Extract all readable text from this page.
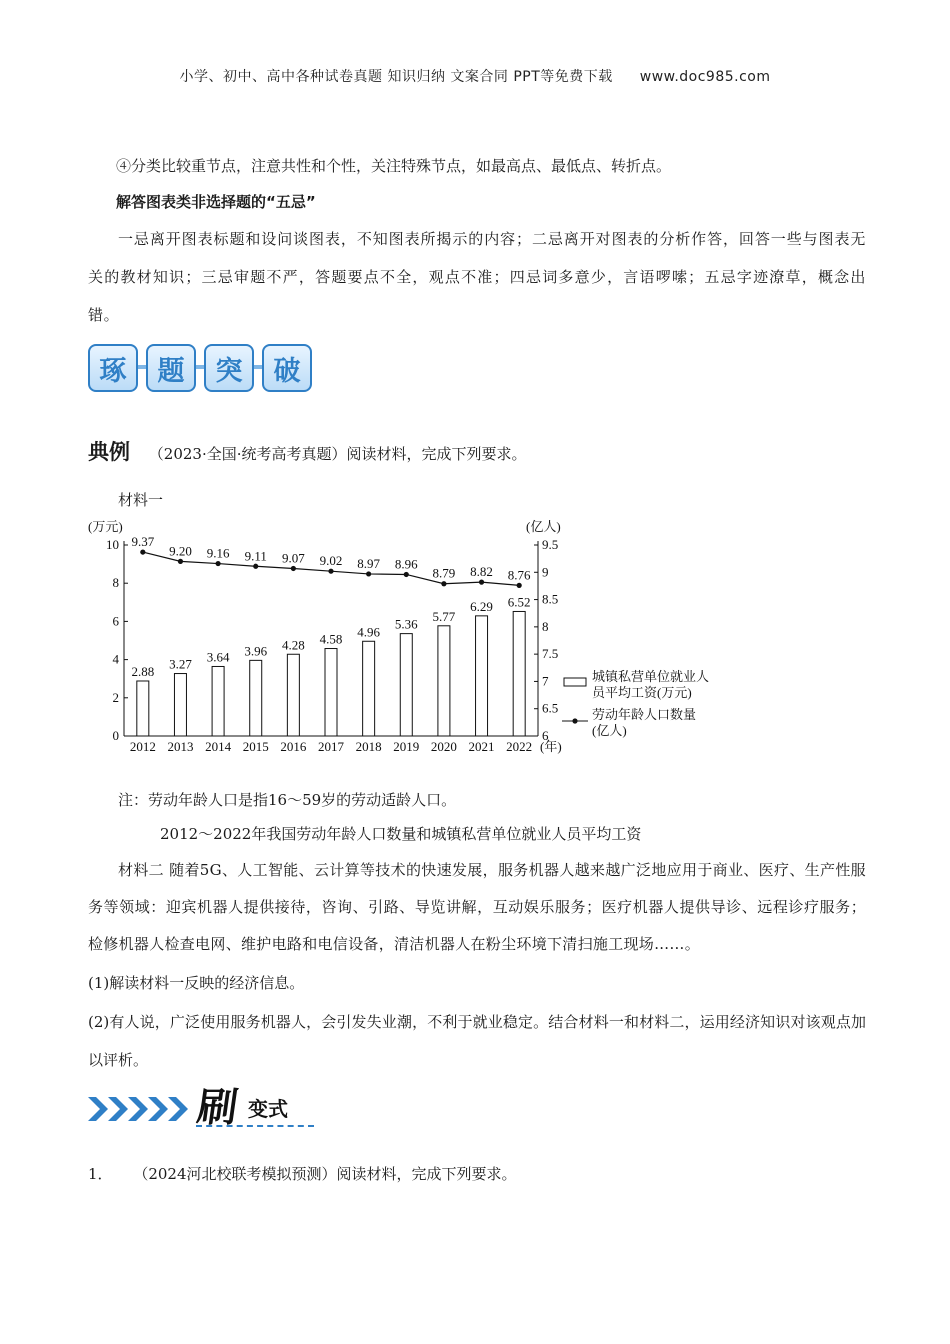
小学、初中、高中各种试卷真题 知识归纳 文案合同 PPT等免费下载 www.doc985.com
④分类比较重节点，注意共性和个性，关注特殊节点，如最高点、最低点、转折点。
解答图表类非选择题的“五忌”
一忌离开图表标题和设问谈图表，不知图表所揭示的内容；二忌离开对图表的分析作答，回答一些与图表无关的教材知识；三忌审题不严，答题要点不全，观点不准；四忌词多意少，言语啰嗦；五忌字迹潦草，概念出错。
琢	题	突	破
典例 （2023·全国·统考高考真题）阅读材料，完成下列要求。
材料一
0
2
4
6
8
10
(万元)
6
6.5
7
7.5
8
8.5
9
9.5
(亿人)
2012 2013 2014 2015 2016 2017 2018 2019 2020 2021 2022 (年)
2.88 3.27 3.64 3.96 4.28 4.58 4.96
5.36
5.77
6.29 6.52
9.37
9.20 9.16 9.11 9.07 9.02 8.97 8.96
8.79 8.82 8.76
城镇私营单位就业人
员平均工资(万元)
劳动年龄人口数量
(亿人)
注：劳动年龄人口是指16～59岁的劳动适龄人口。
2012～2022年我国劳动年龄人口数量和城镇私营单位就业人员平均工资
材料二 随着5G、人工智能、云计算等技术的快速发展，服务机器人越来越广泛地应用于商业、医疗、生产性服务等领域：迎宾机器人提供接待，咨询、引路、导览讲解，互动娱乐服务；医疗机器人提供导诊、远程诊疗服务；检修机器人检查电网、维护电路和电信设备，清洁机器人在粉尘环境下清扫施工现场……。
(1)解读材料一反映的经济信息。
(2)有人说，广泛使用服务机器人，会引发失业潮，不利于就业稳定。结合材料一和材料二，运用经济知识对该观点加以评析。
刷 变式
1． （2024河北校联考模拟预测）阅读材料，完成下列要求。
